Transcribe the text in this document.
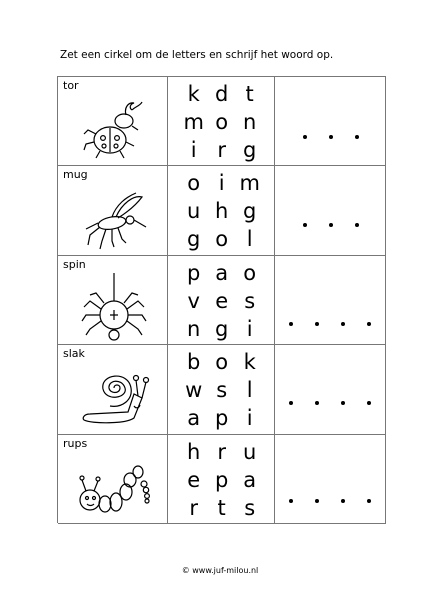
Zet een cirkel om de letters en schrijf het woord op.
tor	k d t
m o n
i r g
mug	o i m
u h g
g o l
spin	p a o
v e s
n g i
slak	b o k
w s l
a p i
rups	h r u
e p a
r t s
© www.juf-milou.nl
